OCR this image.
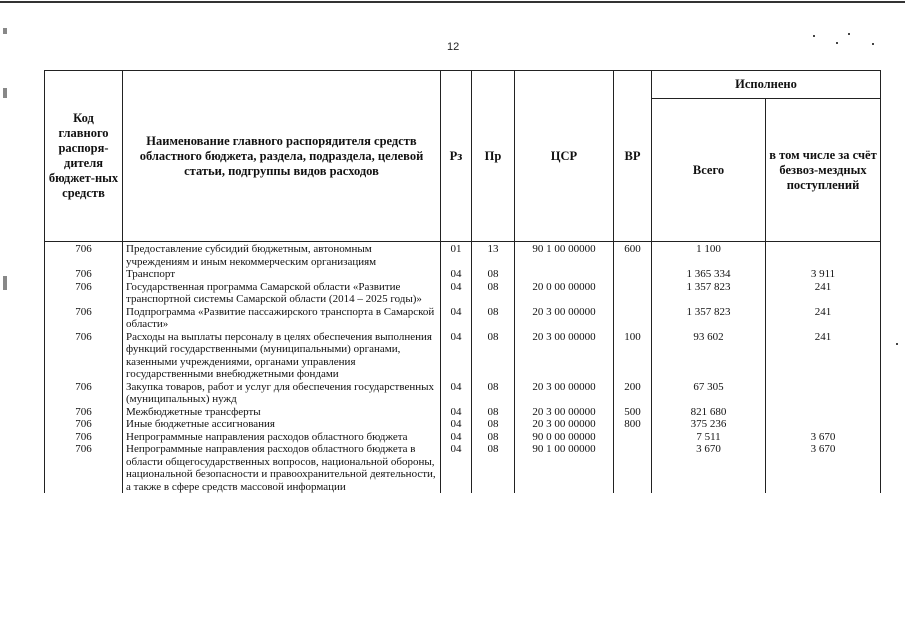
12
Код главного распоря-дителя бюджет-ных средств	Наименование главного распорядителя средств областного бюджета, раздела, подраздела, целевой статьи, подгруппы видов расходов	Рз	Пр	ЦСР	ВР	Исполнено	
						Всего	в том числе за счёт безвоз-мездных поступлений
706	Предоставление субсидий бюджетным, автономным учреждениям и иным некоммерческим организациям	01	13	90 1 00 00000	600	1 100	
706	Транспорт	04	08			1 365 334	3 911
706	Государственная программа Самарской области «Развитие транспортной системы Самарской области (2014 – 2025 годы)»	04	08	20 0 00 00000		1 357 823	241
706	Подпрограмма «Развитие пассажирского транспорта в Самарской области»	04	08	20 3 00 00000		1 357 823	241
706	Расходы на выплаты персоналу в целях обеспечения выполнения функций государственными (муниципальными) органами, казенными учреждениями, органами управления государственными внебюджетными фондами	04	08	20 3 00 00000	100	93 602	241
706	Закупка товаров, работ и услуг для обеспечения государственных (муниципальных) нужд	04	08	20 3 00 00000	200	67 305	
706	Межбюджетные трансферты	04	08	20 3 00 00000	500	821 680	
706	Иные бюджетные ассигнования	04	08	20 3 00 00000	800	375 236	
706	Непрограммные направления расходов областного бюджета	04	08	90 0 00 00000		7 511	3 670
706	Непрограммные направления расходов областного бюджета в области общегосударственных вопросов, национальной обороны, национальной безопасности и правоохранительной деятельности, а также в сфере средств массовой информации	04	08	90 1 00 00000		3 670	3 670
